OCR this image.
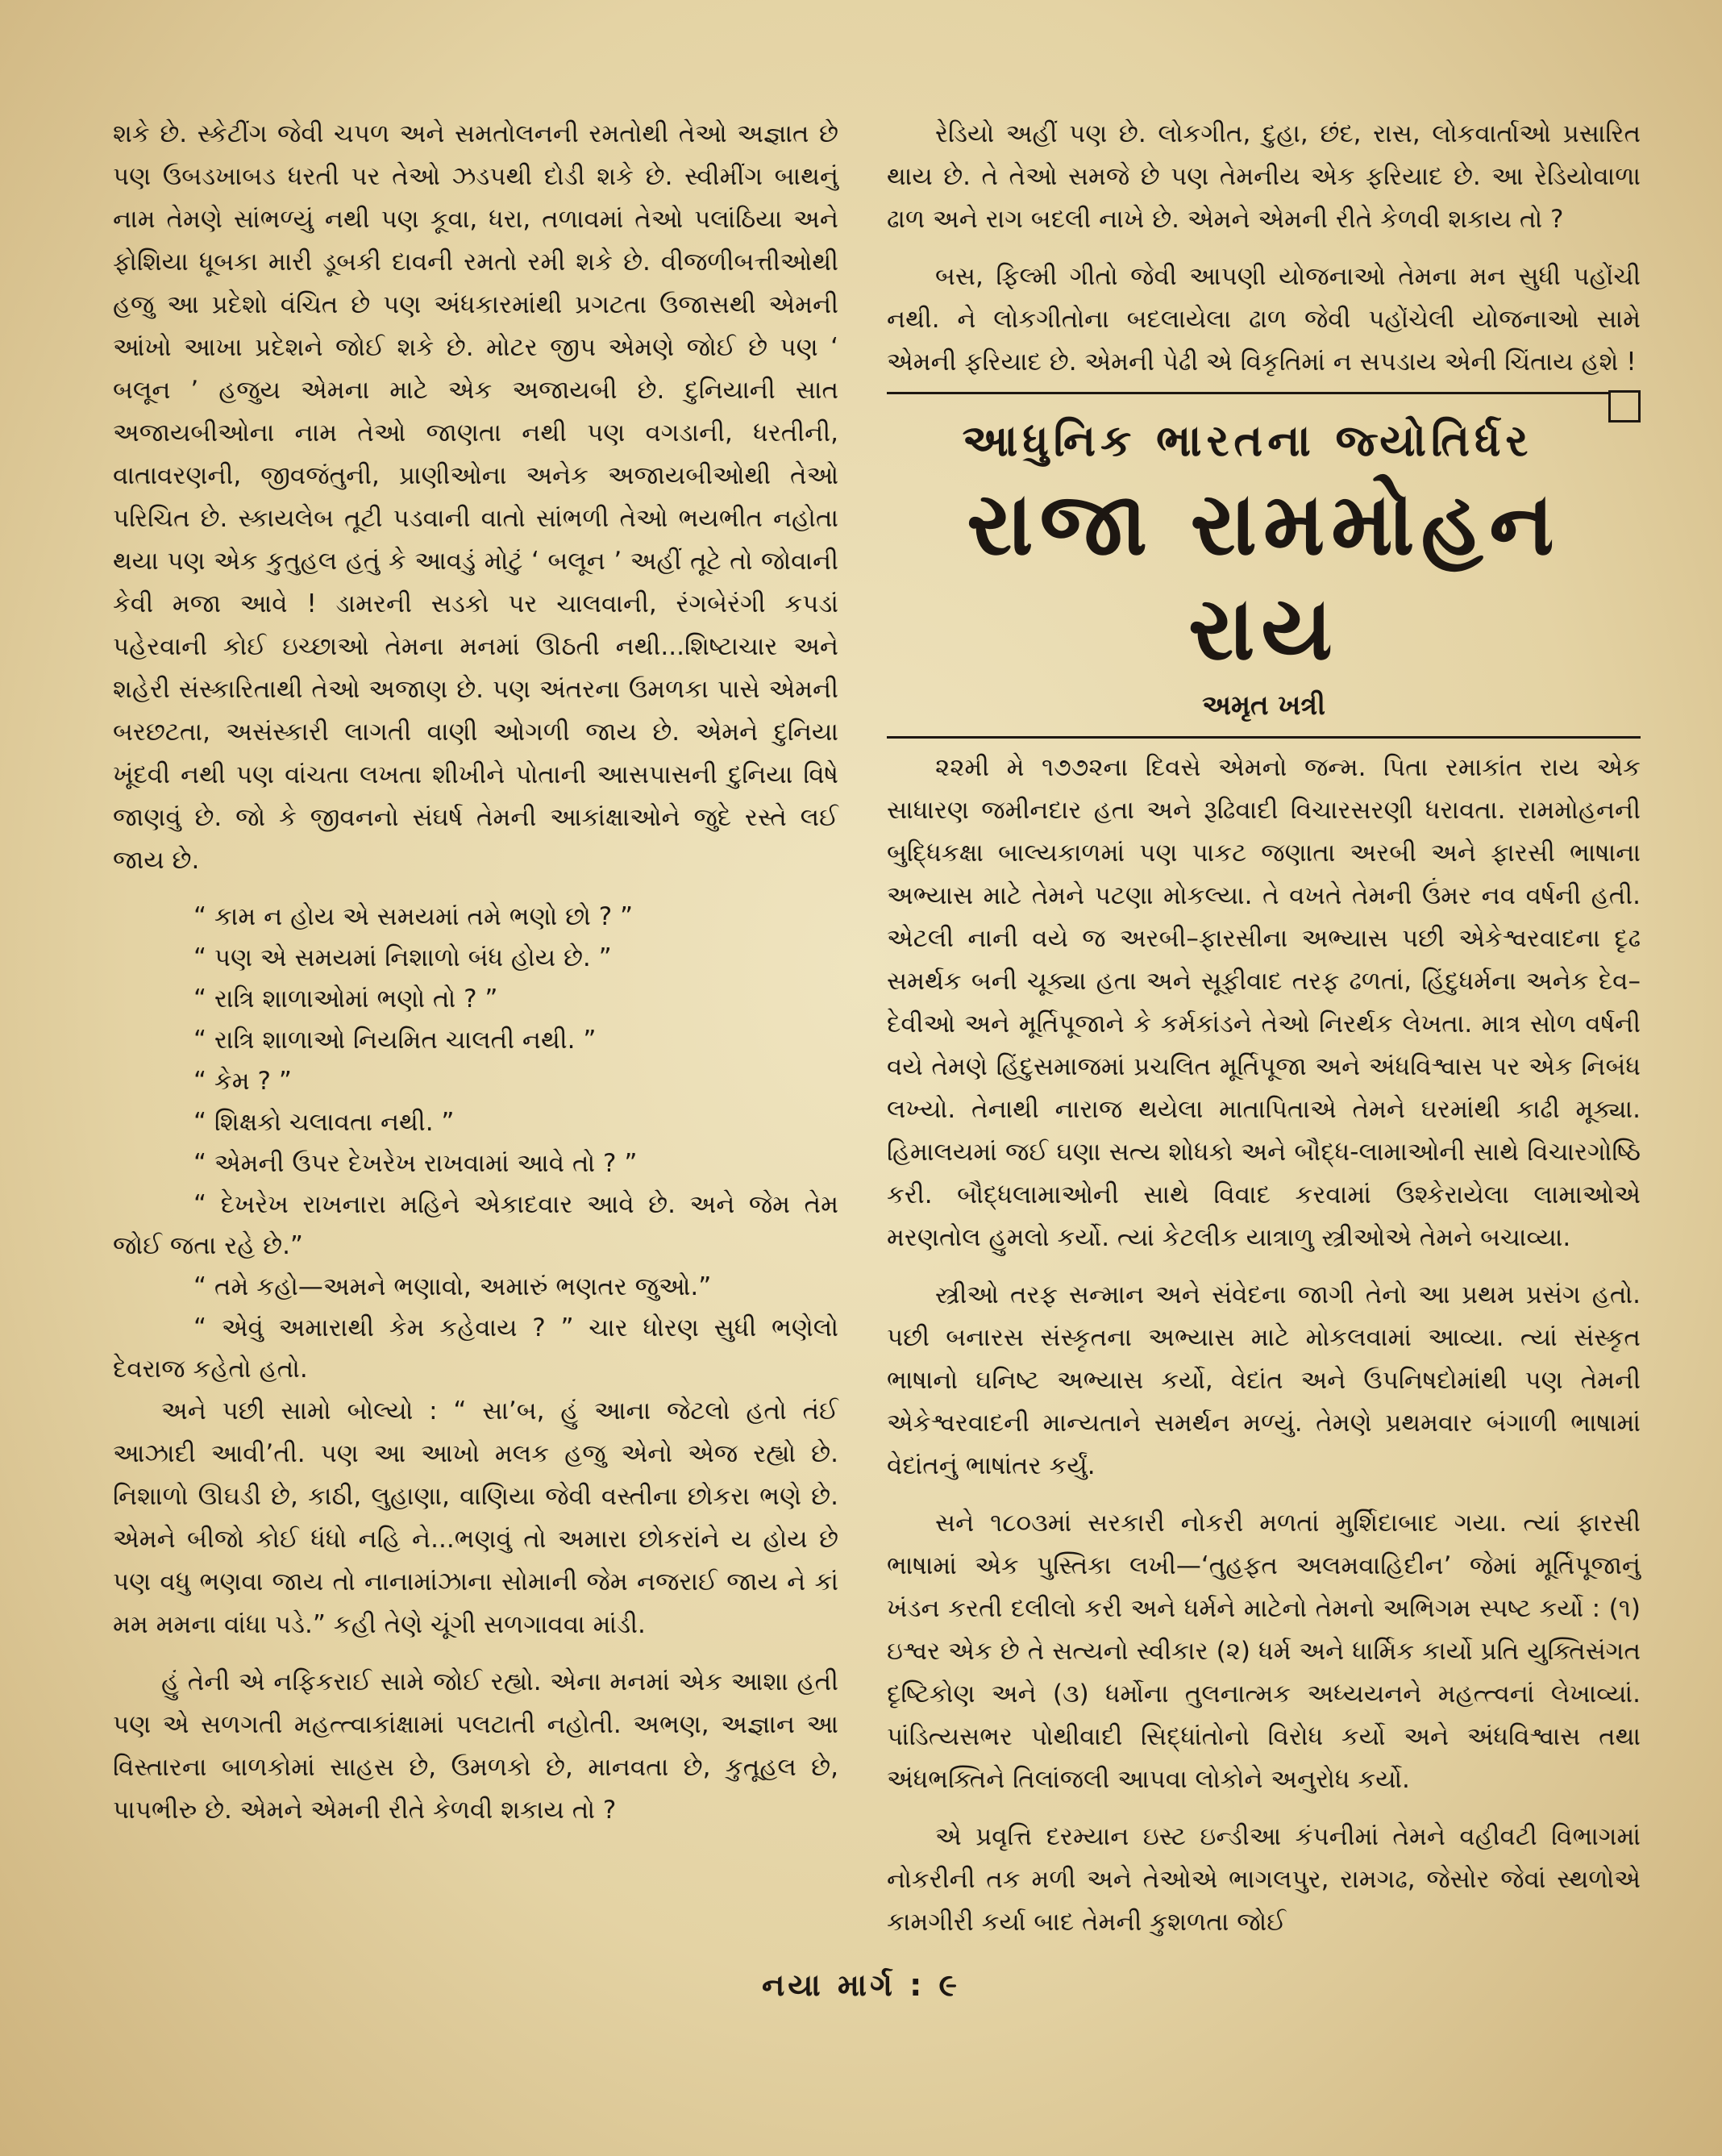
શકે છે. સ્કેટીંગ જેવી ચપળ અને સમતોલનની રમતોથી તેઓ અજ્ઞાત છે પણ ઉબડખાબડ ધરતી પર તેઓ ઝડપથી દોડી શકે છે. સ્વીમીંગ બાથનું નામ તેમણે સાંભળ્યું નથી પણ કૂવા, ધરા, તળાવમાં તેઓ પલાંઠિયા અને ફોશિયા ધૂબકા મારી ડૂબકી દાવની રમતો રમી શકે છે. વીજળીબત્તીઓથી હજુ આ પ્રદેશો વંચિત છે પણ અંધકારમાંથી પ્રગટતા ઉજાસથી એમની આંખો આખા પ્રદેશને જોઈ શકે છે. મોટર જીપ એમણે જોઈ છે પણ ‘ બલૂન ’ હજુય એમના માટે એક અજાયબી છે. દુનિયાની સાત અજાયબીઓના નામ તેઓ જાણતા નથી પણ વગડાની, ધરતીની, વાતાવરણની, જીવજંતુની, પ્રાણીઓના અનેક અજાયબીઓથી તેઓ પરિચિત છે. સ્કાયલેબ તૂટી પડવાની વાતો સાંભળી તેઓ ભયભીત નહોતા થયા પણ એક કુતુહલ હતું કે આવડું મોટું ‘ બલૂન ’ અહીં તૂટે તો જોવાની કેવી મજા આવે ! ડામરની સડકો પર ચાલવાની, રંગબેરંગી કપડાં પહેરવાની કોઈ ઇચ્છાઓ તેમના મનમાં ઊઠતી નથી...શિષ્ટાચાર અને શહેરી સંસ્કારિતાથી તેઓ અજાણ છે. પણ અંતરના ઉમળકા પાસે એમની બરછટતા, અસંસ્કારી લાગતી વાણી ઓગળી જાય છે. એમને દુનિયા ખૂંદવી નથી પણ વાંચતા લખતા શીખીને પોતાની આસપાસની દુનિયા વિષે જાણવું છે. જો કે જીવનનો સંઘર્ષ તેમની આકાંક્ષાઓને જુદે રસ્તે લઈ જાય છે.

“ કામ ન હોય એ સમયમાં તમે ભણો છો ? ”
“ પણ એ સમયમાં નિશાળો બંધ હોય છે. ”
“ રાત્રિ શાળાઓમાં ભણો તો ? ”
“ રાત્રિ શાળાઓ નિયમિત ચાલતી નથી. ”
“ કેમ ? ”
“ શિક્ષકો ચલાવતા નથી. ”
“ એમની ઉપર દેખરેખ રાખવામાં આવે તો ? ”
“ દેખરેખ રાખનારા મહિને એકાદવાર આવે છે. અને જેમ તેમ જોઈ જતા રહે છે.”
“ તમે કહો—અમને ભણાવો, અમારું ભણતર જુઓ.”
“ એવું અમારાથી કેમ કહેવાય ? ” ચાર ધોરણ સુધી ભણેલો દેવરાજ કહેતો હતો.

અને પછી સામો બોલ્યો : “ સા’બ, હું આના જેટલો હતો તંઈ આઝાદી આવી’તી. પણ આ આખો મલક હજુ એનો એજ રહ્યો છે. નિશાળો ઊઘડી છે, કાઠી, લુહાણા, વાણિયા જેવી વસ્તીના છોકરા ભણે છે. એમને બીજો કોઈ ધંધો નહિ ને...ભણવું તો અમારા છોકરાંને ય હોય છે પણ વધુ ભણવા જાય તો નાનામાંઝાના સોમાની જેમ નજરાઈ જાય ને કાં મમ મમના વાંધા પડે.” કહી તેણે ચૂંગી સળગાવવા માંડી.

હું તેની એ નફિકરાઈ સામે જોઈ રહ્યો. એના મનમાં એક આશા હતી પણ એ સળગતી મહત્ત્વાકાંક્ષામાં પલટાતી નહોતી. અભણ, અજ્ઞાન આ વિસ્તારના બાળકોમાં સાહસ છે, ઉમળકો છે, માનવતા છે, કુતૂહલ છે, પાપભીરુ છે. એમને એમની રીતે કેળવી શકાય તો ?

રેડિયો અહીં પણ છે. લોકગીત, દુહા, છંદ, રાસ, લોકવાર્તાઓ પ્રસારિત થાય છે. તે તેઓ સમજે છે પણ તેમનીય એક ફરિયાદ છે. આ રેડિયોવાળા ઢાળ અને રાગ બદલી નાખે છે. એમને એમની રીતે કેળવી શકાય તો ?

બસ, ફિલ્મી ગીતો જેવી આપણી યોજનાઓ તેમના મન સુધી પહોંચી નથી. ને લોકગીતોના બદલાયેલા ઢાળ જેવી પહોંચેલી યોજનાઓ સામે એમની ફરિયાદ છે. એમની પેઢી એ વિકૃતિમાં ન સપડાય એની ચિંતાય હશે !

આધુનિક ભારતના જ્યોતિર્ધર
રાજા રામમોહન રાય
અમૃત ખત્રી

૨૨મી મે ૧૭૭૨ના દિવસે એમનો જન્મ. પિતા રમાકાંત રાય એક સાધારણ જમીનદાર હતા અને રૂઢિવાદી વિચારસરણી ધરાવતા. રામમોહનની બુદ્ધિકક્ષા બાલ્યકાળમાં પણ પાકટ જણાતા અરબી અને ફારસી ભાષાના અભ્યાસ માટે તેમને પટણા મોકલ્યા. તે વખતે તેમની ઉંમર નવ વર્ષની હતી. એટલી નાની વયે જ અરબી–ફારસીના અભ્યાસ પછી એકેશ્વરવાદના દૃઢ સમર્થક બની ચૂક્યા હતા અને સૂફીવાદ તરફ ઢળતાં, હિંદુધર્મના અનેક દેવ–દેવીઓ અને મૂર્તિપૂજાને કે કર્મકાંડને તેઓ નિરર્થક લેખતા. માત્ર સોળ વર્ષની વયે તેમણે હિંદુસમાજમાં પ્રચલિત મૂર્તિપૂજા અને અંધવિશ્વાસ પર એક નિબંધ લખ્યો. તેનાથી નારાજ થયેલા માતાપિતાએ તેમને ઘરમાંથી કાઢી મૂક્યા. હિમાલયમાં જઈ ઘણા સત્ય શોધકો અને બૌદ્ધ-લામાઓની સાથે વિચારગોષ્ઠિ કરી. બૌદ્ધલામાઓની સાથે વિવાદ કરવામાં ઉશ્કેરાયેલા લામાઓએ મરણતોલ હુમલો કર્યો. ત્યાં કેટલીક યાત્રાળુ સ્ત્રીઓએ તેમને બચાવ્યા.

સ્ત્રીઓ તરફ સન્માન અને સંવેદના જાગી તેનો આ પ્રથમ પ્રસંગ હતો. પછી બનારસ સંસ્કૃતના અભ્યાસ માટે મોકલવામાં આવ્યા. ત્યાં સંસ્કૃત ભાષાનો ઘનિષ્ટ અભ્યાસ કર્યો, વેદાંત અને ઉપનિષદોમાંથી પણ તેમની એકેશ્વરવાદની માન્યતાને સમર્થન મળ્યું. તેમણે પ્રથમવાર બંગાળી ભાષામાં વેદાંતનું ભાષાંતર કર્યું.

સને ૧૮૦૩માં સરકારી નોકરી મળતાં મુર્શિદાબાદ ગયા. ત્યાં ફારસી ભાષામાં એક પુસ્તિકા લખી—‘તુહફત અલમવાહિદીન’ જેમાં મૂર્તિપૂજાનું ખંડન કરતી દલીલો કરી અને ધર્મને માટેનો તેમનો અભિગમ સ્પષ્ટ કર્યો : (૧) ઇશ્વર એક છે તે સત્યનો સ્વીકાર (૨) ધર્મ અને ધાર્મિક કાર્યો પ્રતિ યુક્તિસંગત દૃષ્ટિકોણ અને (૩) ધર્મોના તુલનાત્મક અધ્યયનને મહત્ત્વનાં લેખાવ્યાં. પાંડિત્યસભર પોથીવાદી સિદ્ધાંતોનો વિરોધ કર્યો અને અંધવિશ્વાસ તથા અંધભક્તિને તિલાંજલી આપવા લોકોને અનુરોધ કર્યો.

એ પ્રવૃત્તિ દરમ્યાન ઇસ્ટ ઇન્ડીઆ કંપનીમાં તેમને વહીવટી વિભાગમાં નોકરીની તક મળી અને તેઓએ ભાગલપુર, રામગઢ, જેસોર જેવાં સ્થળોએ કામગીરી કર્યા બાદ તેમની કુશળતા જોઈ

નયા માર્ગ : ૯
